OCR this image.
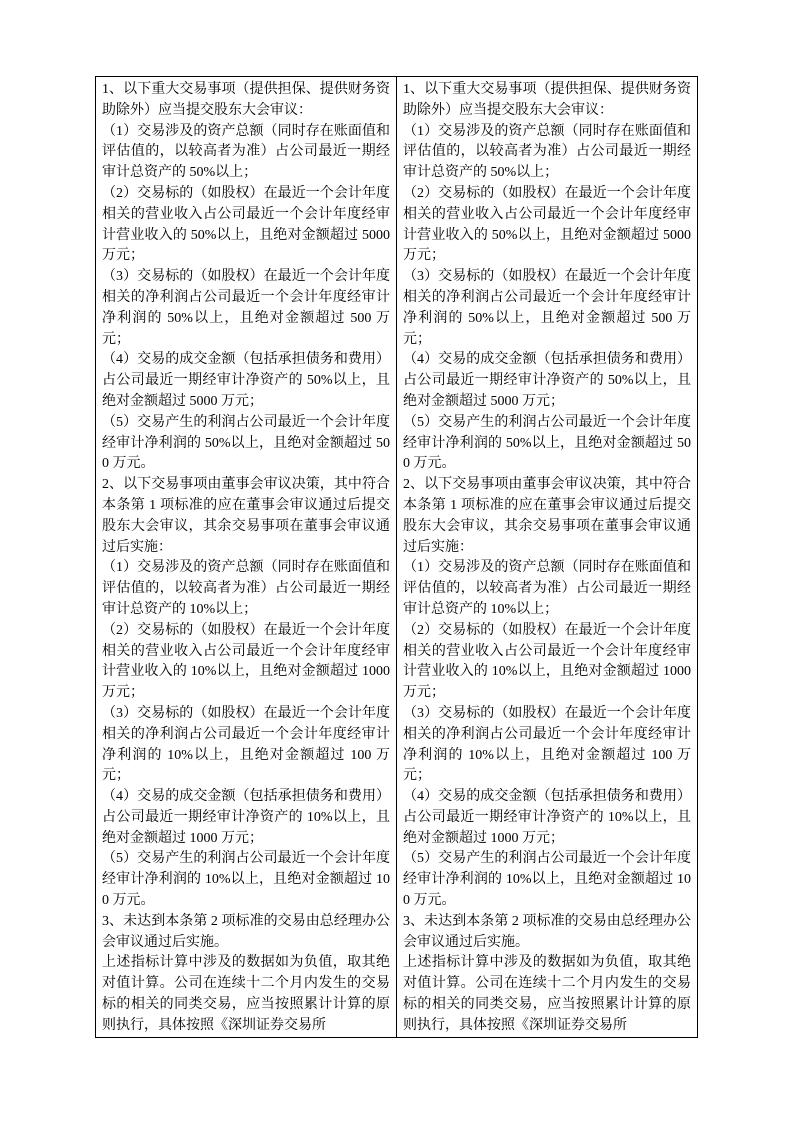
1、以下重大交易事项（提供担保、提供财务资助除外）应当提交股东大会审议：

（1）交易涉及的资产总额（同时存在账面值和评估值的，以较高者为准）占公司最近一期经审计总资产的 50%以上；

（2）交易标的（如股权）在最近一个会计年度相关的营业收入占公司最近一个会计年度经审计营业收入的 50%以上，且绝对金额超过 5000 万元；

（3）交易标的（如股权）在最近一个会计年度相关的净利润占公司最近一个会计年度经审计净利润的 50%以上，且绝对金额超过 500 万元；

（4）交易的成交金额（包括承担债务和费用）占公司最近一期经审计净资产的 50%以上，且绝对金额超过 5000 万元；

（5）交易产生的利润占公司最近一个会计年度经审计净利润的 50%以上，且绝对金额超过 500 万元。

2、以下交易事项由董事会审议决策，其中符合本条第 1 项标准的应在董事会审议通过后提交股东大会审议，其余交易事项在董事会审议通过后实施：

（1）交易涉及的资产总额（同时存在账面值和评估值的，以较高者为准）占公司最近一期经审计总资产的 10%以上；

（2）交易标的（如股权）在最近一个会计年度相关的营业收入占公司最近一个会计年度经审计营业收入的 10%以上，且绝对金额超过 1000 万元；

（3）交易标的（如股权）在最近一个会计年度相关的净利润占公司最近一个会计年度经审计净利润的 10%以上，且绝对金额超过 100 万元；

（4）交易的成交金额（包括承担债务和费用）占公司最近一期经审计净资产的 10%以上，且绝对金额超过 1000 万元；

（5）交易产生的利润占公司最近一个会计年度经审计净利润的 10%以上，且绝对金额超过 100 万元。

3、未达到本条第 2 项标准的交易由总经理办公会审议通过后实施。

上述指标计算中涉及的数据如为负值，取其绝对值计算。公司在连续十二个月内发生的交易标的相关的同类交易，应当按照累计计算的原则执行，具体按照《深圳证券交易所

1、以下重大交易事项（提供担保、提供财务资助除外）应当提交股东大会审议：

（1）交易涉及的资产总额（同时存在账面值和评估值的，以较高者为准）占公司最近一期经审计总资产的 50%以上；

（2）交易标的（如股权）在最近一个会计年度相关的营业收入占公司最近一个会计年度经审计营业收入的 50%以上，且绝对金额超过 5000 万元；

（3）交易标的（如股权）在最近一个会计年度相关的净利润占公司最近一个会计年度经审计净利润的 50%以上，且绝对金额超过 500 万元；

（4）交易的成交金额（包括承担债务和费用）占公司最近一期经审计净资产的 50%以上，且绝对金额超过 5000 万元；

（5）交易产生的利润占公司最近一个会计年度经审计净利润的 50%以上，且绝对金额超过 500 万元。

2、以下交易事项由董事会审议决策，其中符合本条第 1 项标准的应在董事会审议通过后提交股东大会审议，其余交易事项在董事会审议通过后实施：

（1）交易涉及的资产总额（同时存在账面值和评估值的，以较高者为准）占公司最近一期经审计总资产的 10%以上；

（2）交易标的（如股权）在最近一个会计年度相关的营业收入占公司最近一个会计年度经审计营业收入的 10%以上，且绝对金额超过 1000 万元；

（3）交易标的（如股权）在最近一个会计年度相关的净利润占公司最近一个会计年度经审计净利润的 10%以上，且绝对金额超过 100 万元；

（4）交易的成交金额（包括承担债务和费用）占公司最近一期经审计净资产的 10%以上，且绝对金额超过 1000 万元；

（5）交易产生的利润占公司最近一个会计年度经审计净利润的 10%以上，且绝对金额超过 100 万元。

3、未达到本条第 2 项标准的交易由总经理办公会审议通过后实施。

上述指标计算中涉及的数据如为负值，取其绝对值计算。公司在连续十二个月内发生的交易标的相关的同类交易，应当按照累计计算的原则执行，具体按照《深圳证券交易所
